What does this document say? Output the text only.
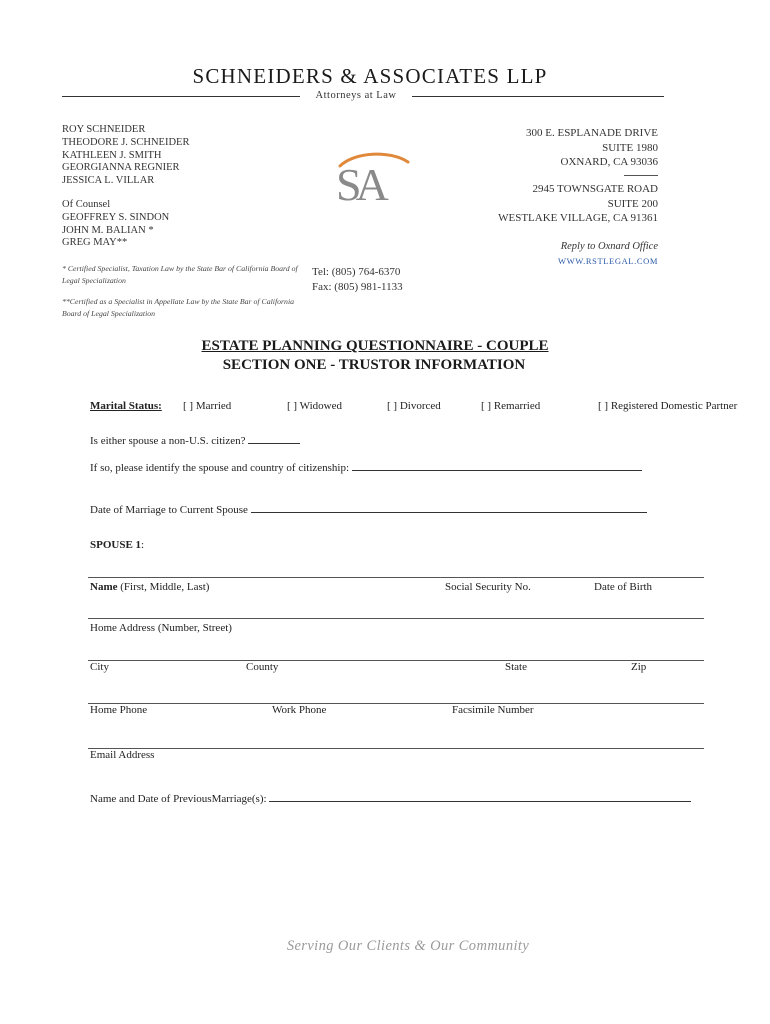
SCHNEIDERS & ASSOCIATES LLP
Attorneys at Law
ROY SCHNEIDER
THEODORE J. SCHNEIDER
KATHLEEN J. SMITH
GEORGIANNA REGNIER
JESSICA L. VILLAR
Of Counsel
GEOFFREY S. SINDON
JOHN M. BALIAN *
GREG MAY**
SA
300 E. ESPLANADE DRIVE
SUITE 1980
OXNARD, CA 93036
2945 TOWNSGATE ROAD
SUITE 200
WESTLAKE VILLAGE, CA 91361
Reply to Oxnard Office
WWW.RSTLEGAL.COM
* Certified Specialist, Taxation Law by the State Bar of California Board of Legal Specialization
**Certified as a Specialist in Appellate Law by the State Bar of California Board of Legal Specialization
Tel: (805) 764-6370
Fax: (805) 981-1133
ESTATE PLANNING QUESTIONNAIRE - COUPLE
SECTION ONE - TRUSTOR INFORMATION
Marital Status: [ ] Married	[ ] Widowed	[ ] Divorced	[ ] Remarried	[ ] Registered Domestic Partner
Is either spouse a non-U.S. citizen?
If so, please identify the spouse and country of citizenship:
Date of Marriage to Current Spouse
SPOUSE 1:
Name (First, Middle, Last)	Social Security No.	Date of Birth
Home Address (Number, Street)
City	County	State	Zip
Home Phone	Work Phone	Facsimile Number
Email Address
Name and Date of PreviousMarriage(s):
Serving Our Clients & Our Community
